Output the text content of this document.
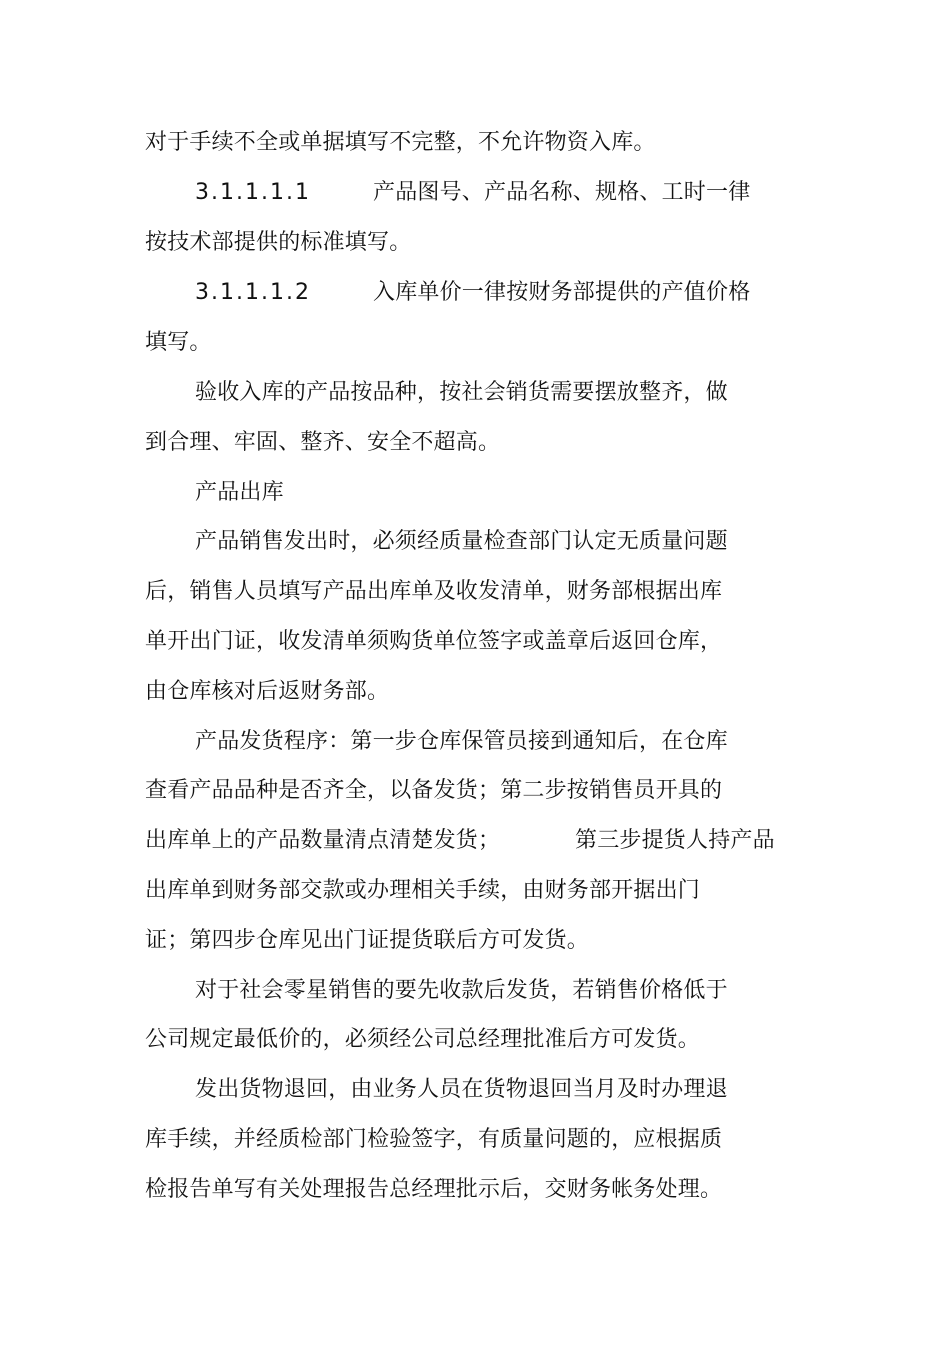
对于手续不全或单据填写不完整，不允许物资入库。
3.1.1.1.1	产品图号、产品名称、规格、工时一律
按技术部提供的标准填写。
3.1.1.1.2	入库单价一律按财务部提供的产值价格
填写。
验收入库的产品按品种，按社会销货需要摆放整齐，做
到合理、牢固、整齐、安全不超高。
产品出库
产品销售发出时，必须经质量检查部门认定无质量问题
后，销售人员填写产品出库单及收发清单，财务部根据出库
单开出门证，收发清单须购货单位签字或盖章后返回仓库，
由仓库核对后返财务部。
产品发货程序：第一步仓库保管员接到通知后，在仓库
查看产品品种是否齐全，以备发货；第二步按销售员开具的
出库单上的产品数量清点清楚发货；	第三步提货人持产品
出库单到财务部交款或办理相关手续，由财务部开据出门
证；第四步仓库见出门证提货联后方可发货。
对于社会零星销售的要先收款后发货，若销售价格低于
公司规定最低价的，必须经公司总经理批准后方可发货。
发出货物退回，由业务人员在货物退回当月及时办理退
库手续，并经质检部门检验签字，有质量问题的，应根据质
检报告单写有关处理报告总经理批示后，交财务帐务处理。
